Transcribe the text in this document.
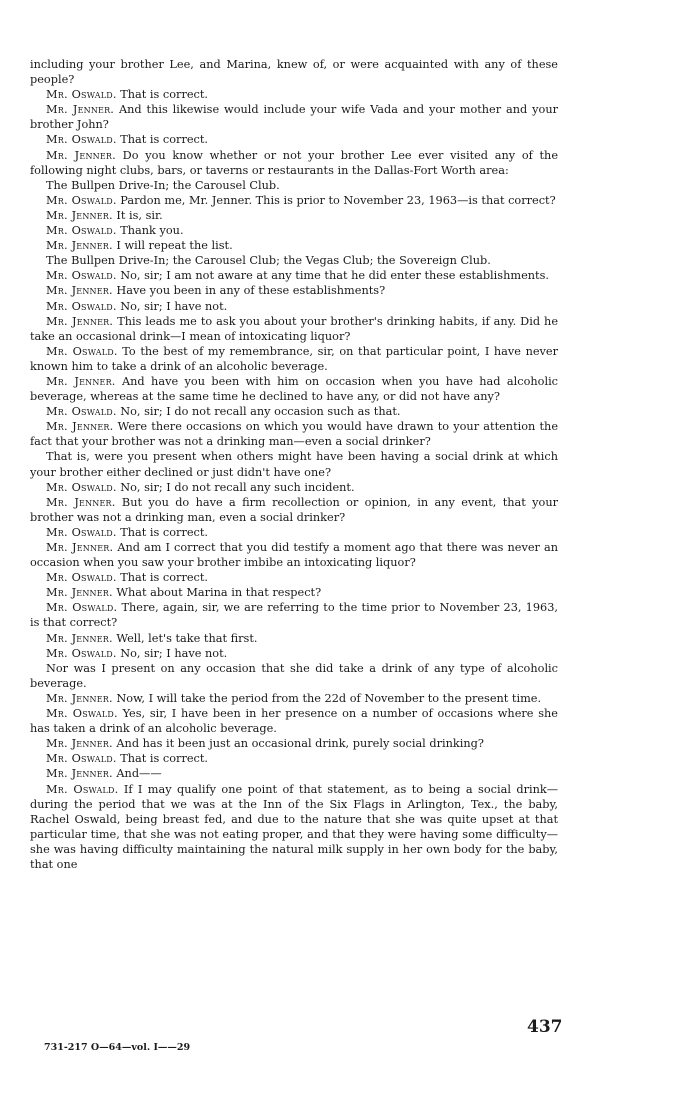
including your brother Lee, and Marina, knew of, or were acquainted with any of these people?

Mr. Oswald. That is correct.

Mr. Jenner. And this likewise would include your wife Vada and your mother and your brother John?

Mr. Oswald. That is correct.

Mr. Jenner. Do you know whether or not your brother Lee ever visited any of the following night clubs, bars, or taverns or restaurants in the Dallas-Fort Worth area:

The Bullpen Drive-In; the Carousel Club.

Mr. Oswald. Pardon me, Mr. Jenner. This is prior to November 23, 1963—is that correct?

Mr. Jenner. It is, sir.

Mr. Oswald. Thank you.

Mr. Jenner. I will repeat the list.

The Bullpen Drive-In; the Carousel Club; the Vegas Club; the Sovereign Club.

Mr. Oswald. No, sir; I am not aware at any time that he did enter these establishments.

Mr. Jenner. Have you been in any of these establishments?

Mr. Oswald. No, sir; I have not.

Mr. Jenner. This leads me to ask you about your brother's drinking habits, if any. Did he take an occasional drink—I mean of intoxicating liquor?

Mr. Oswald. To the best of my remembrance, sir, on that particular point, I have never known him to take a drink of an alcoholic beverage.

Mr. Jenner. And have you been with him on occasion when you have had alcoholic beverage, whereas at the same time he declined to have any, or did not have any?

Mr. Oswald. No, sir; I do not recall any occasion such as that.

Mr. Jenner. Were there occasions on which you would have drawn to your attention the fact that your brother was not a drinking man—even a social drinker?

That is, were you present when others might have been having a social drink at which your brother either declined or just didn't have one?

Mr. Oswald. No, sir; I do not recall any such incident.

Mr. Jenner. But you do have a firm recollection or opinion, in any event, that your brother was not a drinking man, even a social drinker?

Mr. Oswald. That is correct.

Mr. Jenner. And am I correct that you did testify a moment ago that there was never an occasion when you saw your brother imbibe an intoxicating liquor?

Mr. Oswald. That is correct.

Mr. Jenner. What about Marina in that respect?

Mr. Oswald. There, again, sir, we are referring to the time prior to November 23, 1963, is that correct?

Mr. Jenner. Well, let's take that first.

Mr. Oswald. No, sir; I have not.

Nor was I present on any occasion that she did take a drink of any type of alcoholic beverage.

Mr. Jenner. Now, I will take the period from the 22d of November to the present time.

Mr. Oswald. Yes, sir, I have been in her presence on a number of occasions where she has taken a drink of an alcoholic beverage.

Mr. Jenner. And has it been just an occasional drink, purely social drinking?

Mr. Oswald. That is correct.

Mr. Jenner. And——

Mr. Oswald. If I may qualify one point of that statement, as to being a social drink—during the period that we was at the Inn of the Six Flags in Arlington, Tex., the baby, Rachel Oswald, being breast fed, and due to the nature that she was quite upset at that particular time, that she was not eating proper, and that they were having some difficulty—she was having difficulty maintaining the natural milk supply in her own body for the baby, that one

437
731-217 O—64—vol. I——29
